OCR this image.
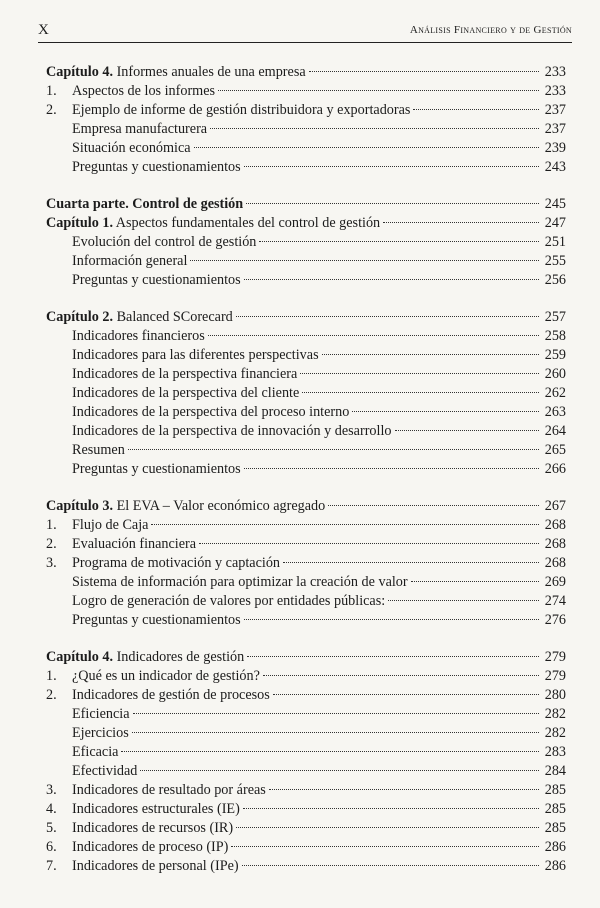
X	Análisis Financiero y de Gestión
Capítulo 4. Informes anuales de una empresa	233
1.	Aspectos de los informes	233
2.	Ejemplo de informe de gestión distribuidora y exportadoras	237
Empresa manufacturera	237
Situación económica	239
Preguntas y cuestionamientos	243
Cuarta parte. Control de gestión	245
Capítulo 1. Aspectos fundamentales del control de gestión	247
Evolución del control de gestión	251
Información general	255
Preguntas y cuestionamientos	256
Capítulo 2. Balanced SCorecard	257
Indicadores financieros	258
Indicadores para las diferentes perspectivas	259
Indicadores de la perspectiva financiera	260
Indicadores de la perspectiva del cliente	262
Indicadores de la perspectiva del proceso interno	263
Indicadores de la perspectiva de innovación y desarrollo	264
Resumen	265
Preguntas y cuestionamientos	266
Capítulo 3. El EVA – Valor económico agregado	267
1.	Flujo de Caja	268
2.	Evaluación financiera	268
3.	Programa de motivación y captación	268
Sistema de información para optimizar la creación de valor	269
Logro de generación de valores por entidades públicas:	274
Preguntas y cuestionamientos	276
Capítulo 4. Indicadores de gestión	279
1.	¿Qué es un indicador de gestión?	279
2.	Indicadores de gestión de procesos	280
Eficiencia	282
Ejercicios	282
Eficacia	283
Efectividad	284
3.	Indicadores de resultado por áreas	285
4.	Indicadores estructurales (IE)	285
5.	Indicadores de recursos (IR)	285
6.	Indicadores de proceso (IP)	286
7.	Indicadores de personal (IPe)	286
